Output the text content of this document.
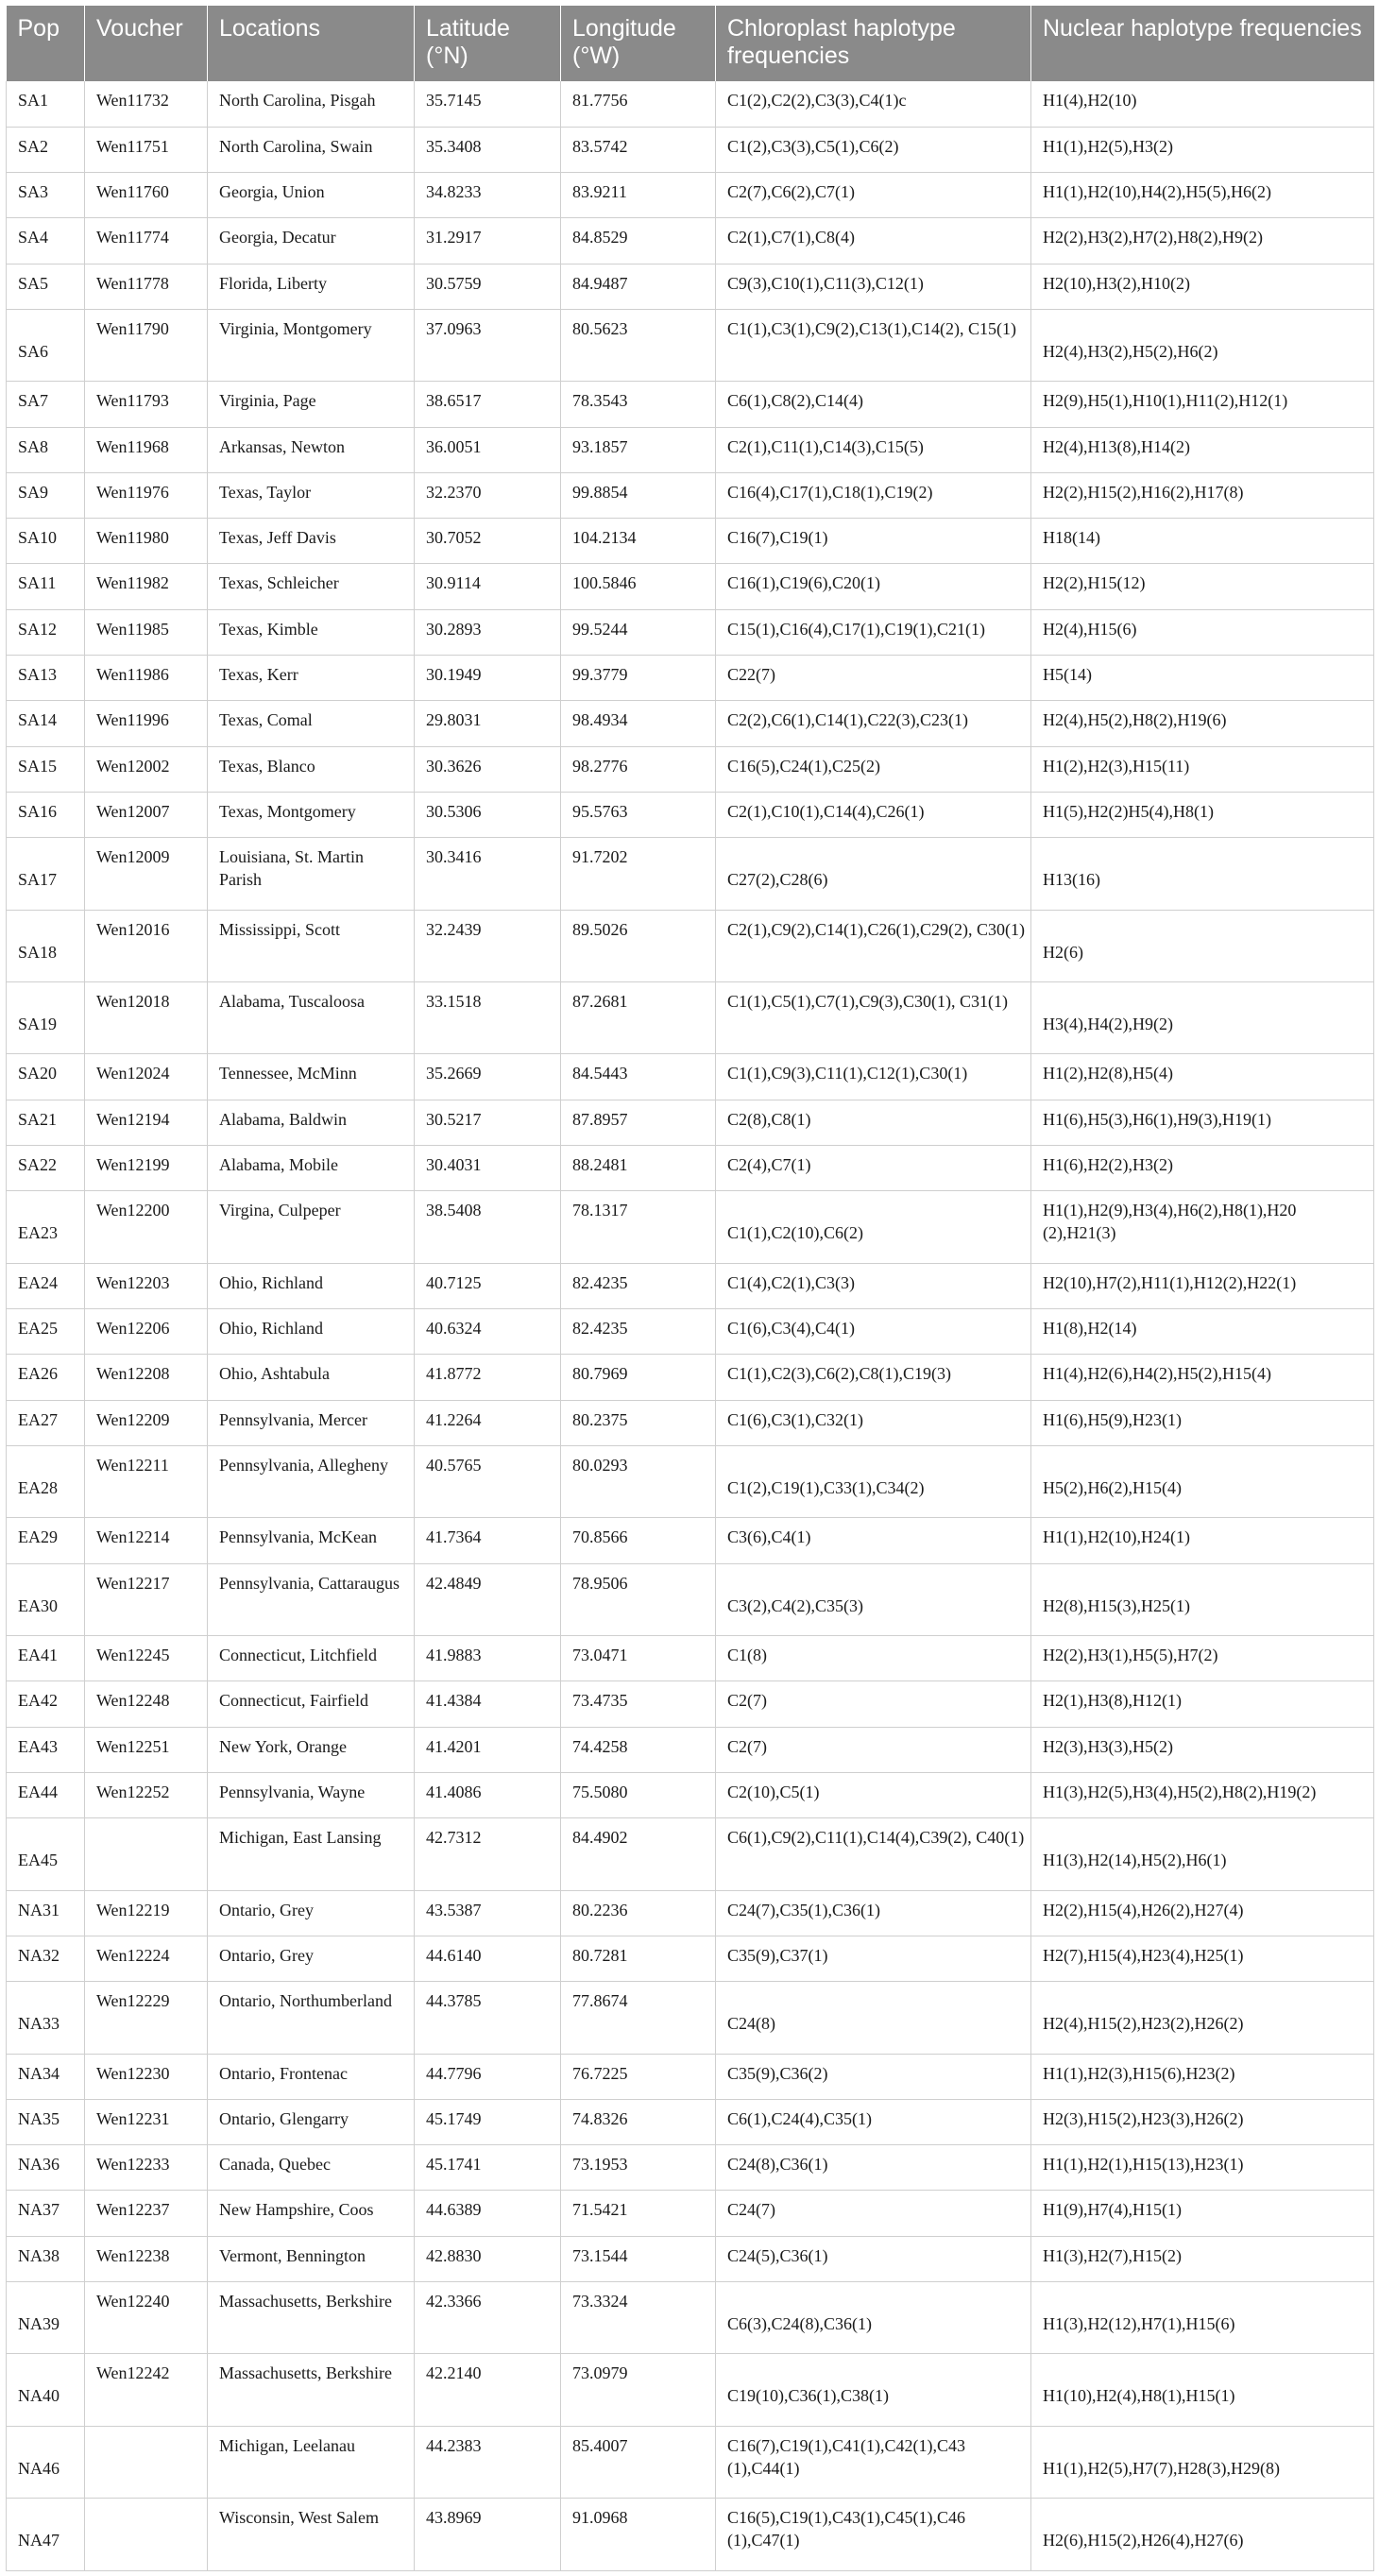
Pop	Voucher	Locations	Latitude (°N)	Longitude (°W)	Chloroplast haplotype frequencies	Nuclear haplotype frequencies
SA1	Wen11732	North Carolina, Pisgah	35.7145	81.7756	C1(2),C2(2),C3(3),C4(1)c	H1(4),H2(10)
SA2	Wen11751	North Carolina, Swain	35.3408	83.5742	C1(2),C3(3),C5(1),C6(2)	H1(1),H2(5),H3(2)
SA3	Wen11760	Georgia, Union	34.8233	83.9211	C2(7),C6(2),C7(1)	H1(1),H2(10),H4(2),H5(5),H6(2)
SA4	Wen11774	Georgia, Decatur	31.2917	84.8529	C2(1),C7(1),C8(4)	H2(2),H3(2),H7(2),H8(2),H9(2)
SA5	Wen11778	Florida, Liberty	30.5759	84.9487	C9(3),C10(1),C11(3),C12(1)	H2(10),H3(2),H10(2)
SA6	Wen11790	Virginia, Montgomery	37.0963	80.5623	C1(1),C3(1),C9(2),C13(1),C14(2), C15(1)	H2(4),H3(2),H5(2),H6(2)
SA7	Wen11793	Virginia, Page	38.6517	78.3543	C6(1),C8(2),C14(4)	H2(9),H5(1),H10(1),H11(2),H12(1)
SA8	Wen11968	Arkansas, Newton	36.0051	93.1857	C2(1),C11(1),C14(3),C15(5)	H2(4),H13(8),H14(2)
SA9	Wen11976	Texas, Taylor	32.2370	99.8854	C16(4),C17(1),C18(1),C19(2)	H2(2),H15(2),H16(2),H17(8)
SA10	Wen11980	Texas, Jeff Davis	30.7052	104.2134	C16(7),C19(1)	H18(14)
SA11	Wen11982	Texas, Schleicher	30.9114	100.5846	C16(1),C19(6),C20(1)	H2(2),H15(12)
SA12	Wen11985	Texas, Kimble	30.2893	99.5244	C15(1),C16(4),C17(1),C19(1),C21(1)	H2(4),H15(6)
SA13	Wen11986	Texas, Kerr	30.1949	99.3779	C22(7)	H5(14)
SA14	Wen11996	Texas, Comal	29.8031	98.4934	C2(2),C6(1),C14(1),C22(3),C23(1)	H2(4),H5(2),H8(2),H19(6)
SA15	Wen12002	Texas, Blanco	30.3626	98.2776	C16(5),C24(1),C25(2)	H1(2),H2(3),H15(11)
SA16	Wen12007	Texas, Montgomery	30.5306	95.5763	C2(1),C10(1),C14(4),C26(1)	H1(5),H2(2)H5(4),H8(1)
SA17	Wen12009	Louisiana, St. Martin Parish	30.3416	91.7202	C27(2),C28(6)	H13(16)
SA18	Wen12016	Mississippi, Scott	32.2439	89.5026	C2(1),C9(2),C14(1),C26(1),C29(2), C30(1)	H2(6)
SA19	Wen12018	Alabama, Tuscaloosa	33.1518	87.2681	C1(1),C5(1),C7(1),C9(3),C30(1), C31(1)	H3(4),H4(2),H9(2)
SA20	Wen12024	Tennessee, McMinn	35.2669	84.5443	C1(1),C9(3),C11(1),C12(1),C30(1)	H1(2),H2(8),H5(4)
SA21	Wen12194	Alabama, Baldwin	30.5217	87.8957	C2(8),C8(1)	H1(6),H5(3),H6(1),H9(3),H19(1)
SA22	Wen12199	Alabama, Mobile	30.4031	88.2481	C2(4),C7(1)	H1(6),H2(2),H3(2)
EA23	Wen12200	Virgina, Culpeper	38.5408	78.1317	C1(1),C2(10),C6(2)	H1(1),H2(9),H3(4),H6(2),H8(1),H20 (2),H21(3)
EA24	Wen12203	Ohio, Richland	40.7125	82.4235	C1(4),C2(1),C3(3)	H2(10),H7(2),H11(1),H12(2),H22(1)
EA25	Wen12206	Ohio, Richland	40.6324	82.4235	C1(6),C3(4),C4(1)	H1(8),H2(14)
EA26	Wen12208	Ohio, Ashtabula	41.8772	80.7969	C1(1),C2(3),C6(2),C8(1),C19(3)	H1(4),H2(6),H4(2),H5(2),H15(4)
EA27	Wen12209	Pennsylvania, Mercer	41.2264	80.2375	C1(6),C3(1),C32(1)	H1(6),H5(9),H23(1)
EA28	Wen12211	Pennsylvania, Allegheny	40.5765	80.0293	C1(2),C19(1),C33(1),C34(2)	H5(2),H6(2),H15(4)
EA29	Wen12214	Pennsylvania, McKean	41.7364	70.8566	C3(6),C4(1)	H1(1),H2(10),H24(1)
EA30	Wen12217	Pennsylvania, Cattaraugus	42.4849	78.9506	C3(2),C4(2),C35(3)	H2(8),H15(3),H25(1)
EA41	Wen12245	Connecticut, Litchfield	41.9883	73.0471	C1(8)	H2(2),H3(1),H5(5),H7(2)
EA42	Wen12248	Connecticut, Fairfield	41.4384	73.4735	C2(7)	H2(1),H3(8),H12(1)
EA43	Wen12251	New York, Orange	41.4201	74.4258	C2(7)	H2(3),H3(3),H5(2)
EA44	Wen12252	Pennsylvania, Wayne	41.4086	75.5080	C2(10),C5(1)	H1(3),H2(5),H3(4),H5(2),H8(2),H19(2)
EA45		Michigan, East Lansing	42.7312	84.4902	C6(1),C9(2),C11(1),C14(4),C39(2), C40(1)	H1(3),H2(14),H5(2),H6(1)
NA31	Wen12219	Ontario, Grey	43.5387	80.2236	C24(7),C35(1),C36(1)	H2(2),H15(4),H26(2),H27(4)
NA32	Wen12224	Ontario, Grey	44.6140	80.7281	C35(9),C37(1)	H2(7),H15(4),H23(4),H25(1)
NA33	Wen12229	Ontario, Northumberland	44.3785	77.8674	C24(8)	H2(4),H15(2),H23(2),H26(2)
NA34	Wen12230	Ontario, Frontenac	44.7796	76.7225	C35(9),C36(2)	H1(1),H2(3),H15(6),H23(2)
NA35	Wen12231	Ontario, Glengarry	45.1749	74.8326	C6(1),C24(4),C35(1)	H2(3),H15(2),H23(3),H26(2)
NA36	Wen12233	Canada, Quebec	45.1741	73.1953	C24(8),C36(1)	H1(1),H2(1),H15(13),H23(1)
NA37	Wen12237	New Hampshire, Coos	44.6389	71.5421	C24(7)	H1(9),H7(4),H15(1)
NA38	Wen12238	Vermont, Bennington	42.8830	73.1544	C24(5),C36(1)	H1(3),H2(7),H15(2)
NA39	Wen12240	Massachusetts, Berkshire	42.3366	73.3324	C6(3),C24(8),C36(1)	H1(3),H2(12),H7(1),H15(6)
NA40	Wen12242	Massachusetts, Berkshire	42.2140	73.0979	C19(10),C36(1),C38(1)	H1(10),H2(4),H8(1),H15(1)
NA46		Michigan, Leelanau	44.2383	85.4007	C16(7),C19(1),C41(1),C42(1),C43 (1),C44(1)	H1(1),H2(5),H7(7),H28(3),H29(8)
NA47		Wisconsin, West Salem	43.8969	91.0968	C16(5),C19(1),C43(1),C45(1),C46 (1),C47(1)	H2(6),H15(2),H26(4),H27(6)
